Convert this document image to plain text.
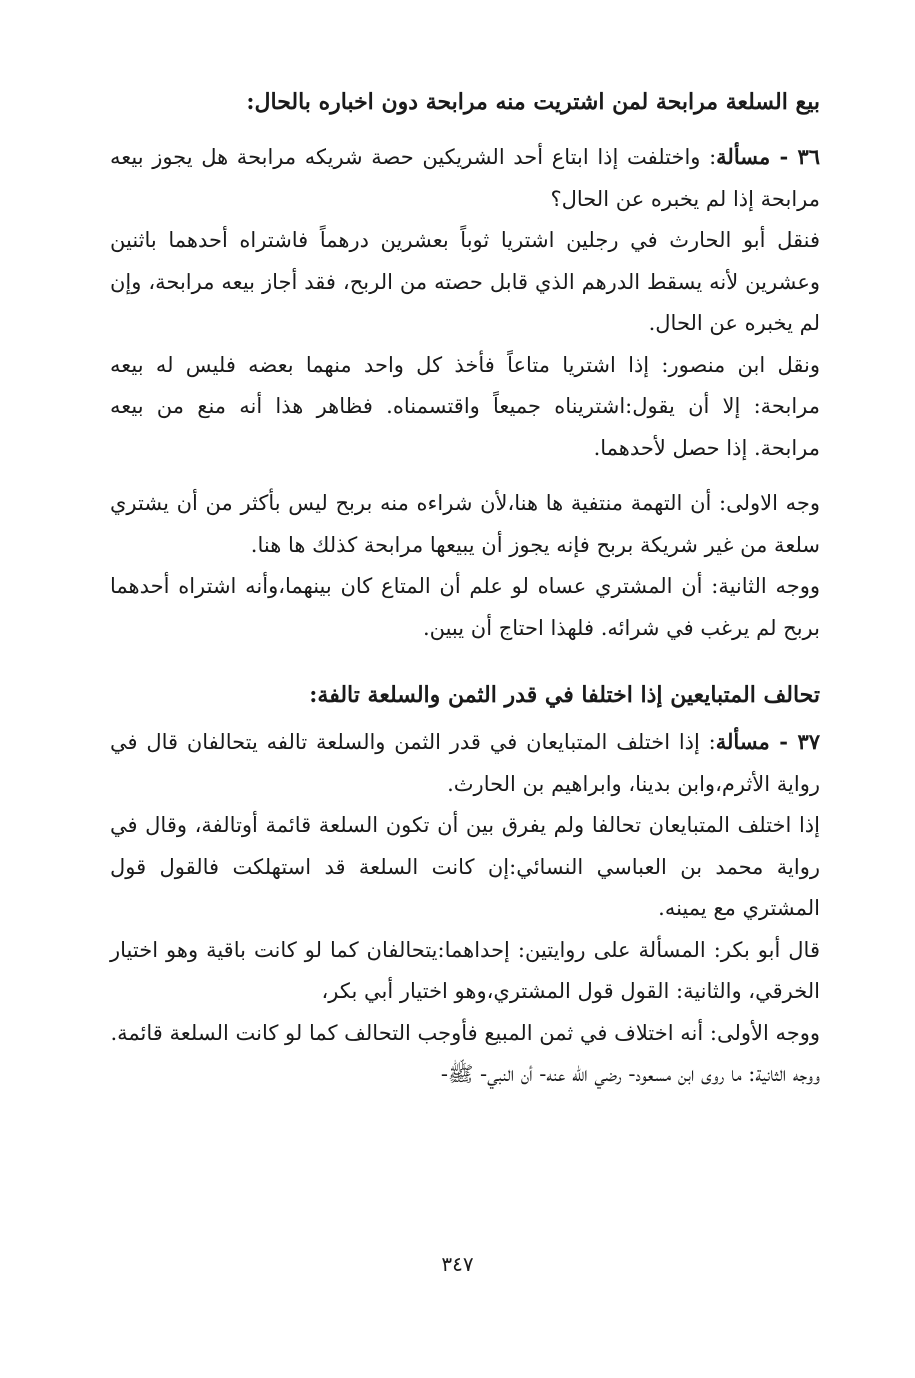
بيع السلعة مرابحة لمن اشتريت منه مرابحة دون اخباره بالحال:

٣٦ - مسألة: واختلفت إذا ابتاع أحد الشريكين حصة شريكه مرابحة هل يجوز بيعه مرابحة إذا لم يخبره عن الحال؟

فنقل أبو الحارث في رجلين اشتريا ثوباً بعشرين درهماً فاشتراه أحدهما باثنين وعشرين لأنه يسقط الدرهم الذي قابل حصته من الربح، فقد أجاز بيعه مرابحة، وإن لم يخبره عن الحال.

ونقل ابن منصور: إذا اشتريا متاعاً فأخذ كل واحد منهما بعضه فليس له بيعه مرابحة: إلا أن يقول:اشتريناه جميعاً واقتسمناه. فظاهر هذا أنه منع من بيعه مرابحة. إذا حصل لأحدهما.

وجه الاولى: أن التهمة منتفية ها هنا،لأن شراءه منه بربح ليس بأكثر من أن يشتري سلعة من غير شريكة بربح فإنه يجوز أن يبيعها مرابحة كذلك ها هنا.

ووجه الثانية: أن المشتري عساه لو علم أن المتاع كان بينهما،وأنه اشتراه أحدهما بربح لم يرغب في شرائه. فلهذا احتاج أن يبين.

تحالف المتبايعين إذا اختلفا في قدر الثمن والسلعة تالفة:

٣٧ - مسألة: إذا اختلف المتبايعان في قدر الثمن والسلعة تالفه يتحالفان قال في رواية الأثرم،وابن بدينا، وابراهيم بن الحارث.

إذا اختلف المتبايعان تحالفا ولم يفرق بين أن تكون السلعة قائمة أوتالفة، وقال في رواية محمد بن العباسي النسائي:إن كانت السلعة قد استهلكت فالقول قول المشتري مع يمينه.

قال أبو بكر: المسألة على روايتين: إحداهما:يتحالفان كما لو كانت باقية وهو اختيار الخرقي، والثانية: القول قول المشتري،وهو اختيار أبي بكر،

ووجه الأولى: أنه اختلاف في ثمن المبيع فأوجب التحالف كما لو كانت السلعة قائمة.

ووجه الثانية: ما روى ابن مسعود- رضي الله عنه- أن النبي- ﷺ-

٣٤٧
